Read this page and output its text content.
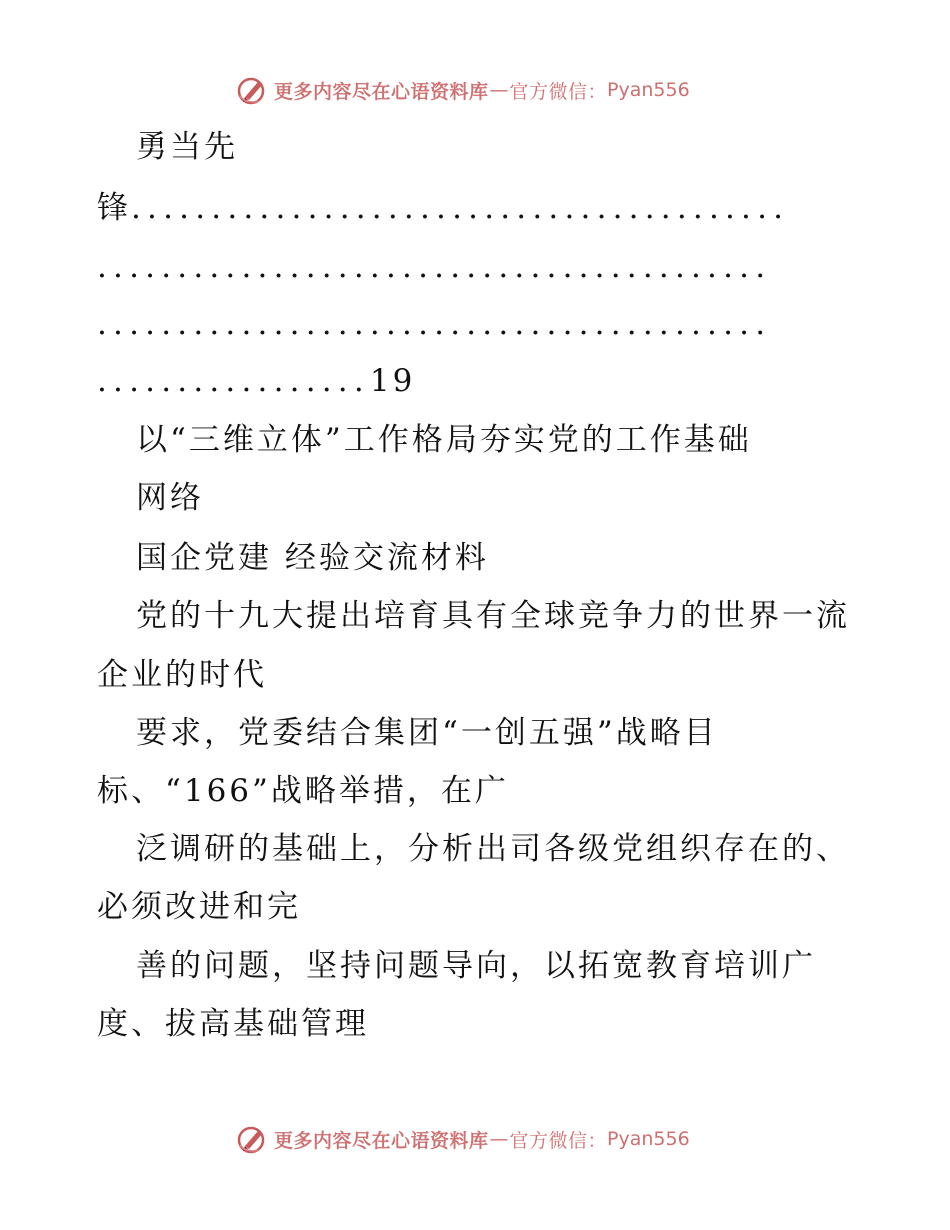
更多内容尽在心语资料库 — 官方微信： Pyan556
勇当先
锋.........................................
..........................................
..........................................
.................19
以“三维立体”工作格局夯实党的工作基础
网络
国企党建 经验交流材料
党的十九大提出培育具有全球竞争力的世界一流
企业的时代
要求，党委结合集团“一创五强”战略目
标、“166”战略举措，在广
泛调研的基础上，分析出司各级党组织存在的、
必须改进和完
善的问题，坚持问题导向，以拓宽教育培训广
度、拔高基础管理
更多内容尽在心语资料库 — 官方微信： Pyan556
